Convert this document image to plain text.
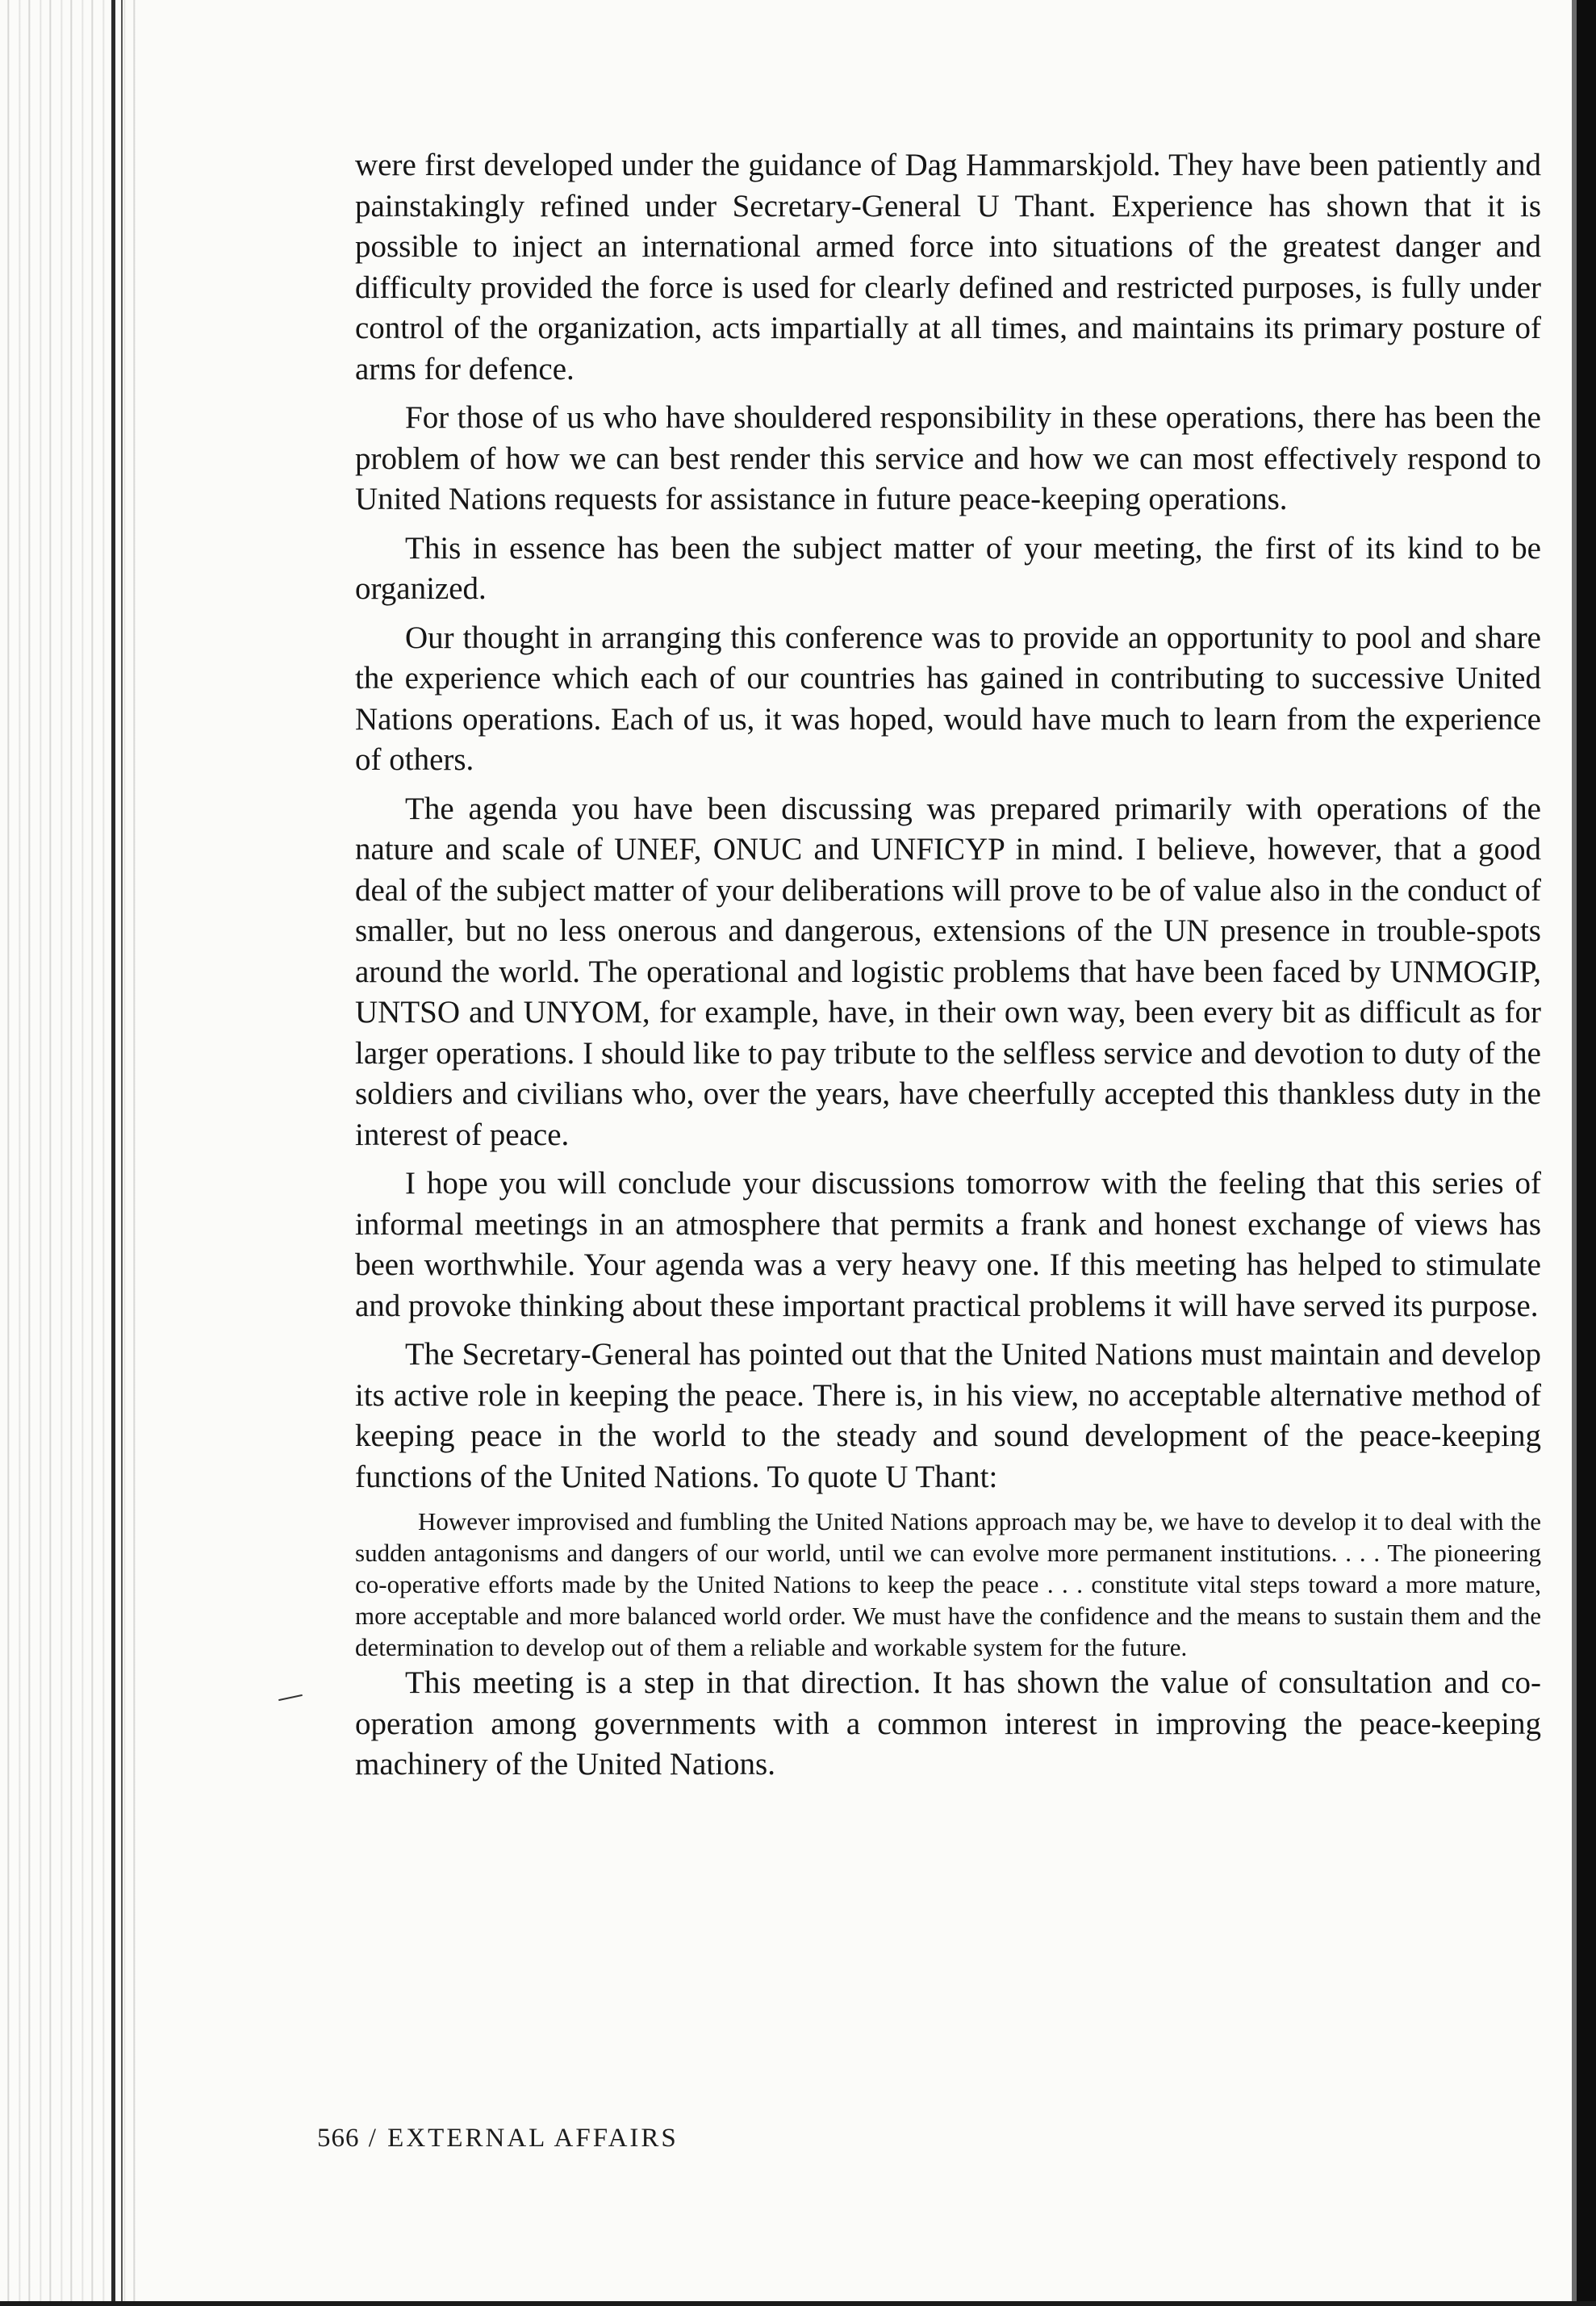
were first developed under the guidance of Dag Hammarskjold. They have been patiently and painstakingly refined under Secretary-General U Thant. Experience has shown that it is possible to inject an international armed force into situations of the greatest danger and difficulty provided the force is used for clearly defined and restricted purposes, is fully under control of the organization, acts impartially at all times, and maintains its primary posture of arms for defence.

For those of us who have shouldered responsibility in these operations, there has been the problem of how we can best render this service and how we can most effectively respond to United Nations requests for assistance in future peace-keeping operations.

This in essence has been the subject matter of your meeting, the first of its kind to be organized.

Our thought in arranging this conference was to provide an opportunity to pool and share the experience which each of our countries has gained in contributing to successive United Nations operations. Each of us, it was hoped, would have much to learn from the experience of others.

The agenda you have been discussing was prepared primarily with operations of the nature and scale of UNEF, ONUC and UNFICYP in mind. I believe, however, that a good deal of the subject matter of your deliberations will prove to be of value also in the conduct of smaller, but no less onerous and dangerous, extensions of the UN presence in trouble-spots around the world. The operational and logistic problems that have been faced by UNMOGIP, UNTSO and UNYOM, for example, have, in their own way, been every bit as difficult as for larger operations. I should like to pay tribute to the selfless service and devotion to duty of the soldiers and civilians who, over the years, have cheerfully accepted this thankless duty in the interest of peace.

I hope you will conclude your discussions tomorrow with the feeling that this series of informal meetings in an atmosphere that permits a frank and honest exchange of views has been worthwhile. Your agenda was a very heavy one. If this meeting has helped to stimulate and provoke thinking about these important practical problems it will have served its purpose.

The Secretary-General has pointed out that the United Nations must maintain and develop its active role in keeping the peace. There is, in his view, no acceptable alternative method of keeping peace in the world to the steady and sound development of the peace-keeping functions of the United Nations. To quote U Thant:

However improvised and fumbling the United Nations approach may be, we have to develop it to deal with the sudden antagonisms and dangers of our world, until we can evolve more permanent institutions. . . . The pioneering co-operative efforts made by the United Nations to keep the peace . . . constitute vital steps toward a more mature, more acceptable and more balanced world order. We must have the confidence and the means to sustain them and the determination to develop out of them a reliable and workable system for the future.

This meeting is a step in that direction. It has shown the value of consultation and co-operation among governments with a common interest in improving the peace-keeping machinery of the United Nations.

566 / EXTERNAL AFFAIRS
